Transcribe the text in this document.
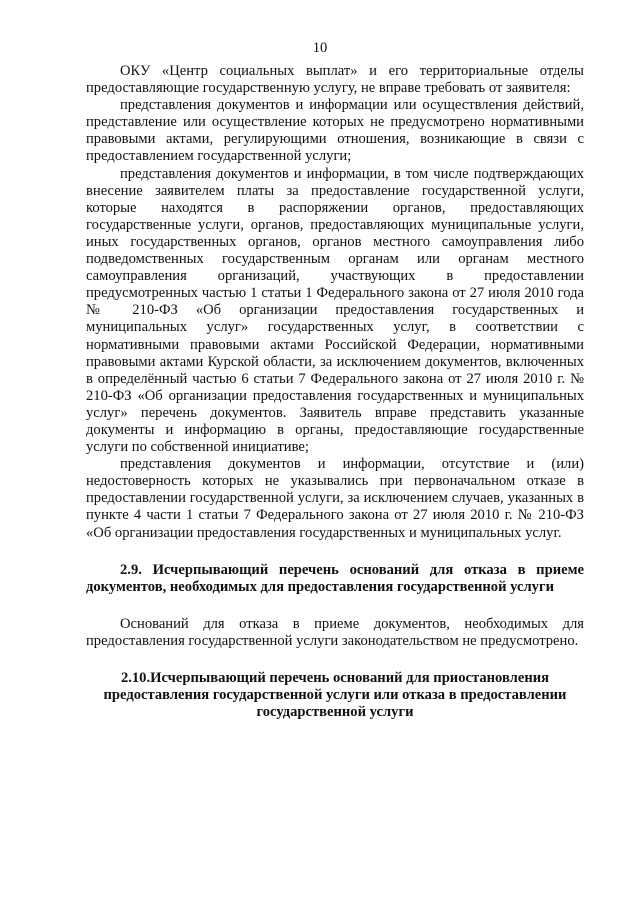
10

ОКУ «Центр социальных выплат» и его территориальные отделы предоставляющие государственную услугу, не вправе требовать от заявителя:

представления документов и информации или осуществления действий, представление или осуществление которых не предусмотрено нормативными правовыми актами, регулирующими отношения, возникающие в связи с предоставлением государственной услуги;

представления документов и информации, в том числе подтверждающих внесение заявителем платы за предоставление государственной услуги, которые находятся в распоряжении органов, предоставляющих государственные услуги, органов, предоставляющих муниципальные услуги, иных государственных органов, органов местного самоуправления либо подведомственных государственным органам или органам местного самоуправления организаций, участвующих в предоставлении предусмотренных частью 1 статьи 1 Федерального закона от 27 июля 2010 года № 210-ФЗ «Об организации предоставления государственных и муниципальных услуг» государственных услуг, в соответствии с нормативными правовыми актами Российской Федерации, нормативными правовыми актами Курской области, за исключением документов, включенных в определённый частью 6 статьи 7 Федерального закона от 27 июля 2010 г. № 210-ФЗ «Об организации предоставления государственных и муниципальных услуг» перечень документов. Заявитель вправе представить указанные документы и информацию в органы, предоставляющие государственные услуги по собственной инициативе;

представления документов и информации, отсутствие и (или) недостоверность которых не указывались при первоначальном отказе в предоставлении государственной услуги, за исключением случаев, указанных в пункте 4 части 1 статьи 7 Федерального закона от 27 июля 2010 г. № 210-ФЗ «Об организации предоставления государственных и муниципальных услуг.

2.9. Исчерпывающий перечень оснований для отказа в приеме документов, необходимых для предоставления государственной услуги

Оснований для отказа в приеме документов, необходимых для предоставления государственной услуги законодательством не предусмотрено.

2.10.Исчерпывающий перечень оснований для приостановления предоставления государственной услуги или отказа в предоставлении государственной услуги
